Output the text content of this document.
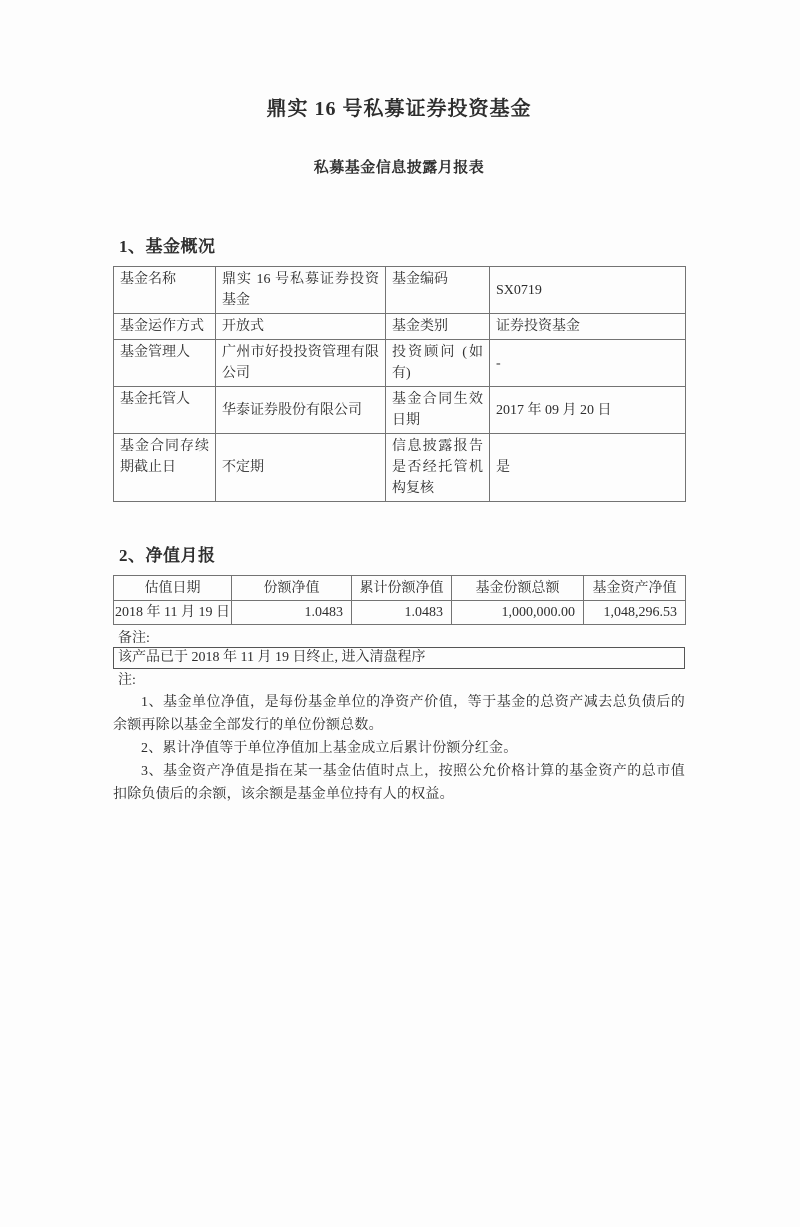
鼎实 16 号私募证券投资基金
私募基金信息披露月报表
1、基金概况
基金名称	鼎实 16 号私募证券投资基金	基金编码	SX0719
基金运作方式	开放式	基金类别	证券投资基金
基金管理人	广州市好投投资管理有限公司	投资顾问 (如有)	-
基金托管人	华泰证券股份有限公司	基金合同生效日期	2017 年 09 月 20 日
基金合同存续期截止日	不定期	信息披露报告是否经托管机构复核	是
2、净值月报
估值日期	份额净值	累计份额净值	基金份额总额	基金资产净值
2018 年 11 月 19 日	1.0483	1.0483	1,000,000.00	1,048,296.53
备注:
该产品已于 2018 年 11 月 19 日终止, 进入清盘程序
注:

1、基金单位净值，是每份基金单位的净资产价值，等于基金的总资产减去总负债后的余额再除以基金全部发行的单位份额总数。

2、累计净值等于单位净值加上基金成立后累计份额分红金。

3、基金资产净值是指在某一基金估值时点上，按照公允价格计算的基金资产的总市值扣除负债后的余额，该余额是基金单位持有人的权益。
